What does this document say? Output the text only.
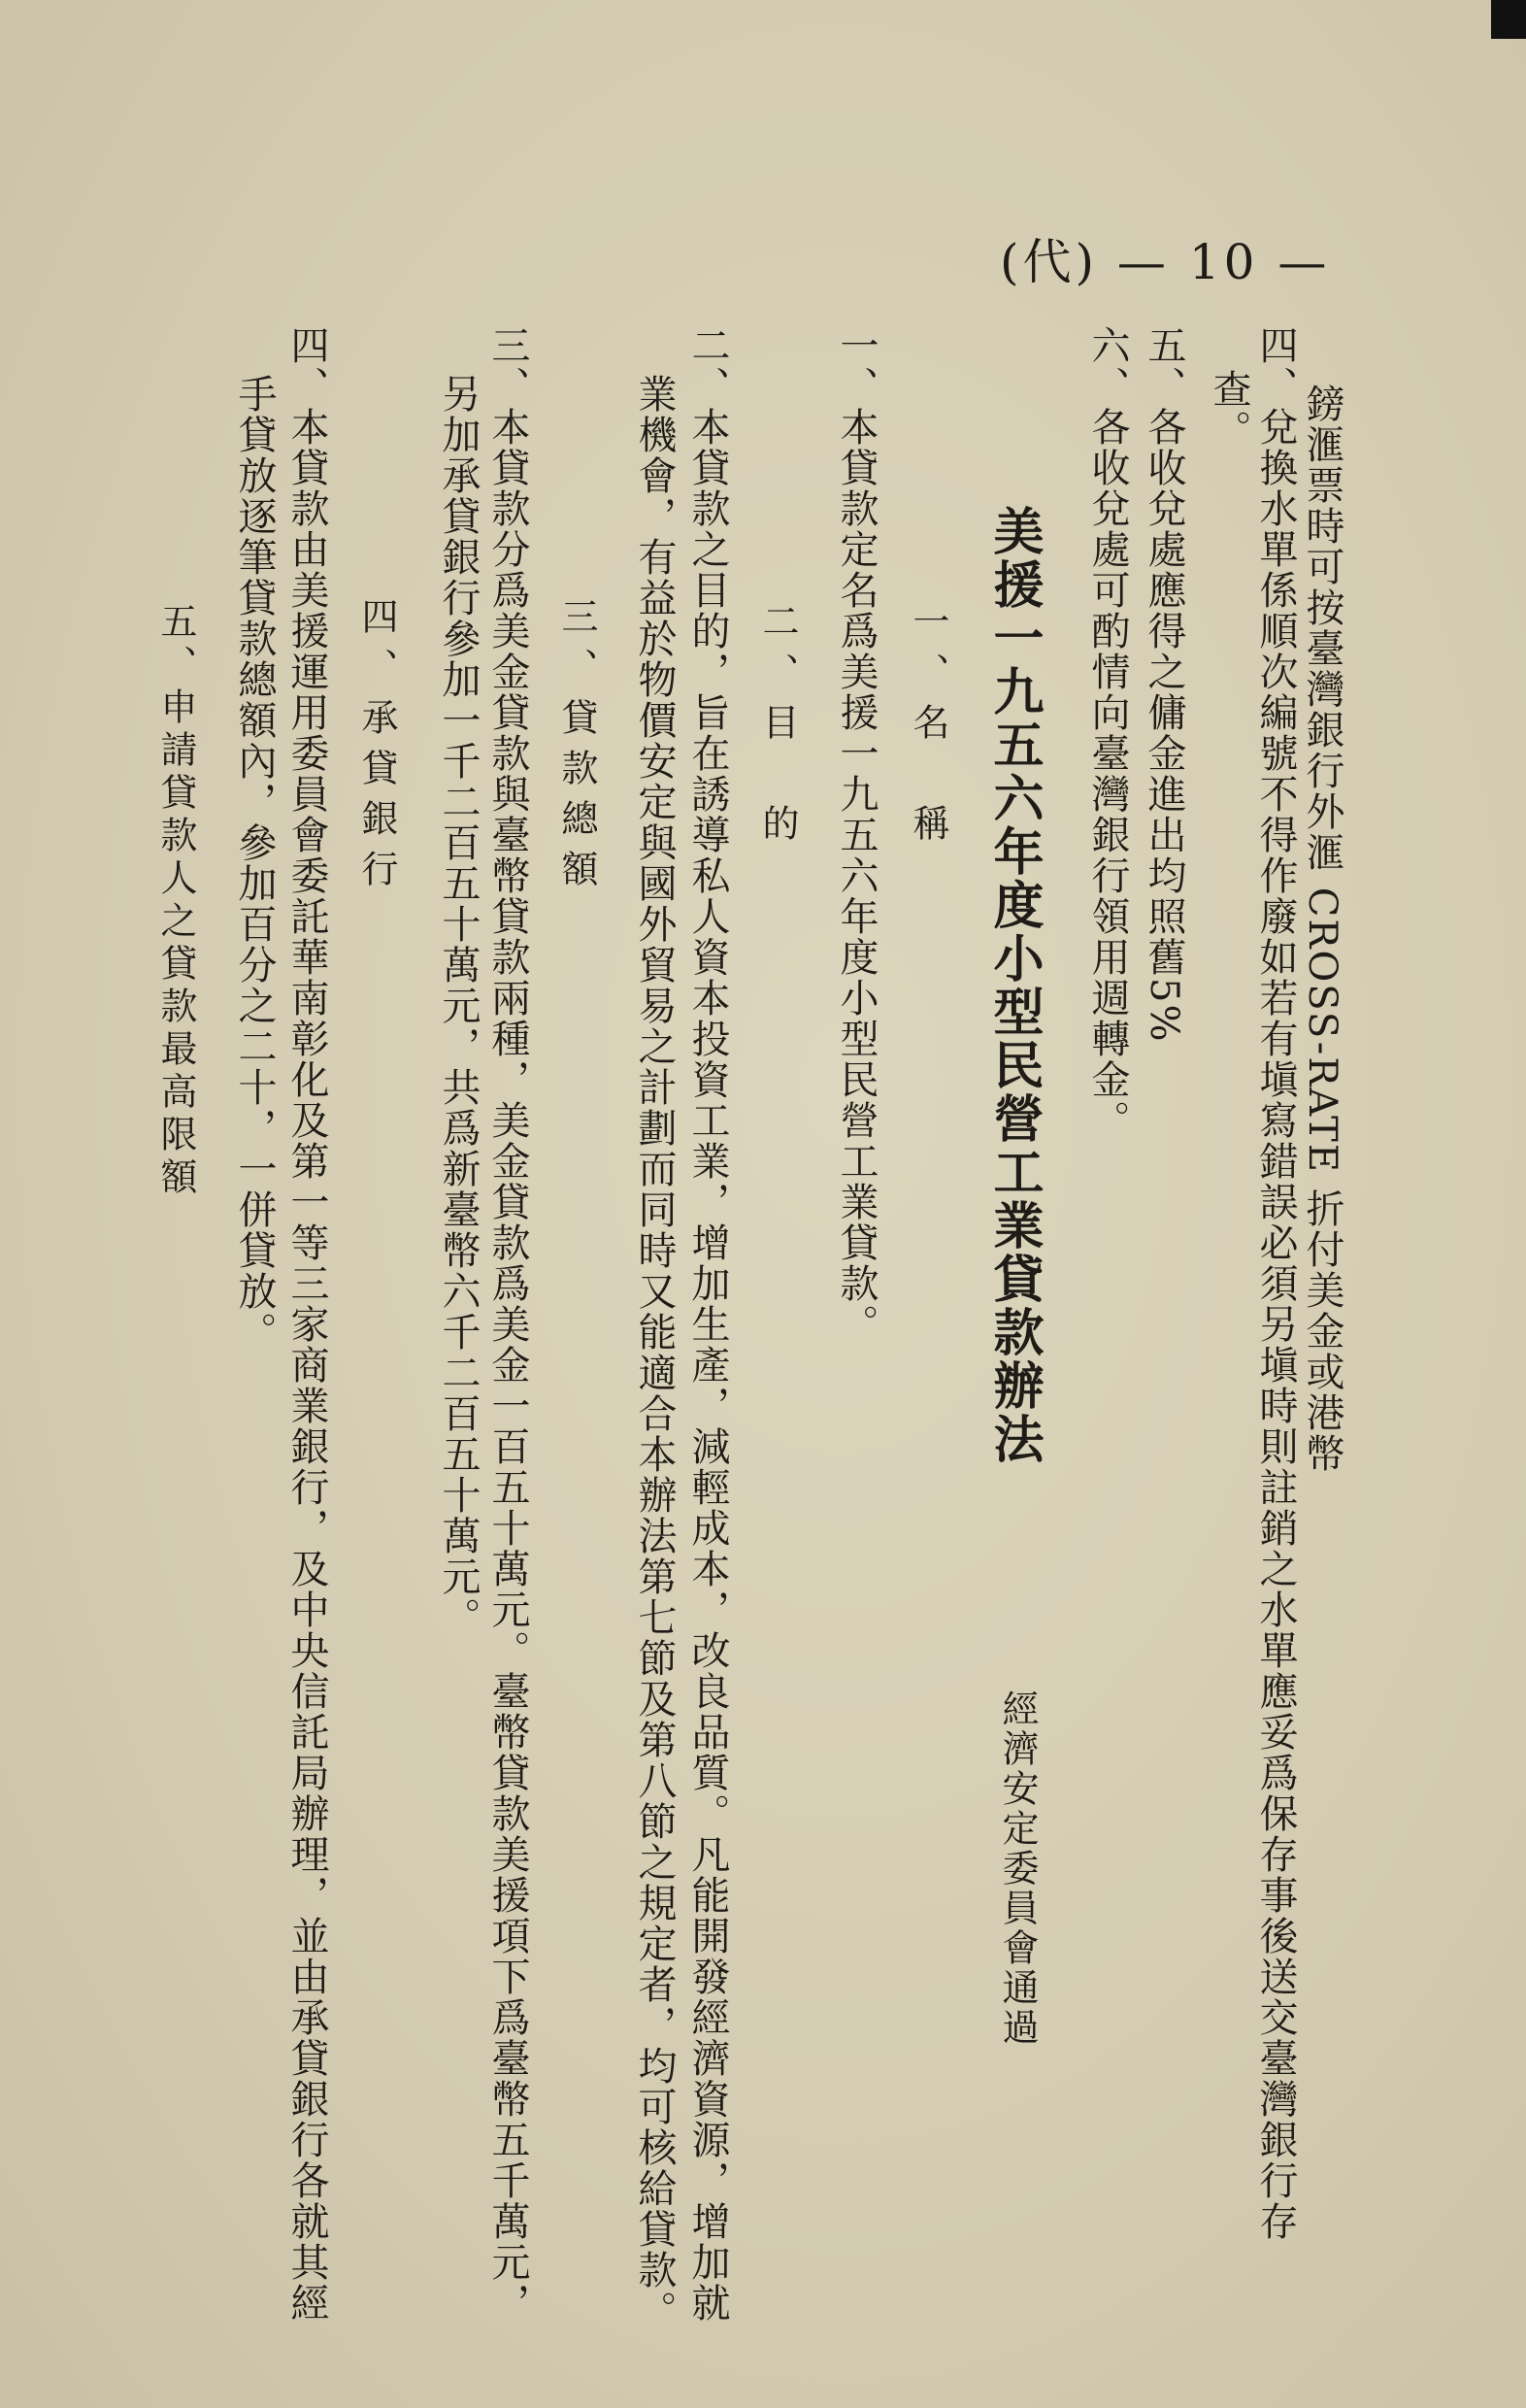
(代) — 10 —
鎊滙票時可按臺灣銀行外滙 CROSS-RATE 折付美金或港幣
四、兌換水單係順次編號不得作廢如若有塡寫錯誤必須另塡時則註銷之水單應妥爲保存事後送交臺灣銀行存
查。
五、各收兌處應得之傭金進出均照舊5%
六、各收兌處可酌情向臺灣銀行領用週轉金。
美援一九五六年度小型民營工業貸款辦法
經濟安定委員會通過
一、名　稱
一、本貸款定名爲美援一九五六年度小型民營工業貸款。
二、目　的
二、本貸款之目的，旨在誘導私人資本投資工業，增加生產，減輕成本，改良品質。凡能開發經濟資源，增加就
業機會，有益於物價安定與國外貿易之計劃而同時又能適合本辦法第七節及第八節之規定者，均可核給貸款。
三、貸款總額
三、本貸款分爲美金貸款與臺幣貸款兩種，美金貸款爲美金一百五十萬元。臺幣貸款美援項下爲臺幣五千萬元，
另加承貸銀行參加一千二百五十萬元，共爲新臺幣六千二百五十萬元。
四、承貸銀行
四、本貸款由美援運用委員會委託華南彰化及第一等三家商業銀行，及中央信託局辦理，並由承貸銀行各就其經
手貸放逐筆貸款總額內，參加百分之二十，一併貸放。
五、申請貸款人之貸款最高限額
